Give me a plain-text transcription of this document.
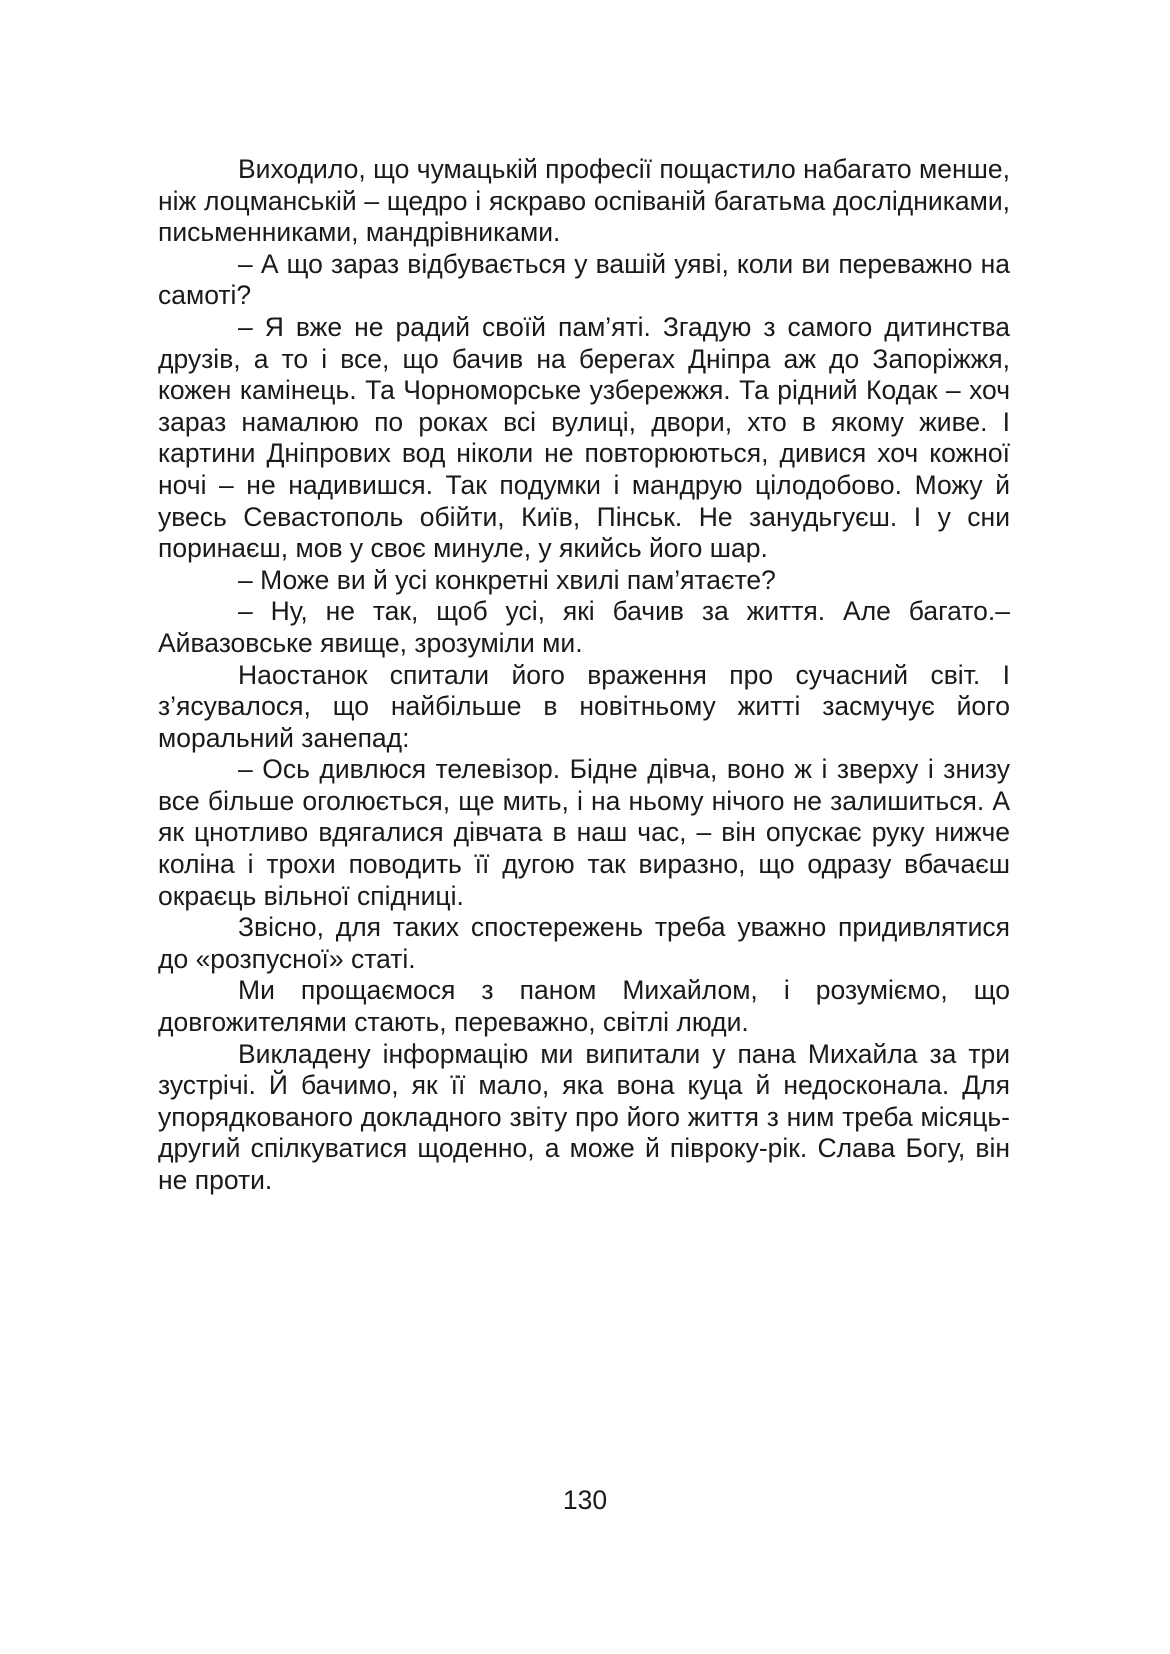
Виходило, що чумацькій професії пощастило набагато менше, ніж лоцманській – щедро і яскраво оспіваній багатьма дослідниками, письменниками, мандрівниками.

– А що зараз відбувається у вашій уяві, коли ви переважно на самоті?

– Я вже не радий своїй пам’яті. Згадую з самого дитинства друзів, а то і все, що бачив на берегах Дніпра аж до Запоріжжя, кожен камінець. Та Чорноморське узбережжя. Та рідний Кодак – хоч зараз намалюю по роках всі вулиці, двори, хто в якому живе. І картини Дніпрових вод ніколи не повторюються, дивися хоч кожної ночі – не надивишся. Так подумки і мандрую цілодобово. Можу й увесь Севастополь обійти, Київ, Пінськ. Не занудьгуєш. І у сни поринаєш, мов у своє минуле, у якийсь його шар.

– Може ви й усі конкретні хвилі пам’ятаєте?

– Ну, не так, щоб усі, які бачив за життя. Але багато.– Айвазовське явище, зрозуміли ми.

Наостанок спитали його враження про сучасний світ. І з’ясувалося, що найбільше в новітньому житті засмучує його моральний занепад:

– Ось дивлюся телевізор. Бідне дівча, воно ж і зверху і знизу все більше оголюється, ще мить, і на ньому нічого не залишиться. А як цнотливо вдягалися дівчата в наш час, – він опускає руку нижче коліна і трохи поводить її дугою так виразно, що одразу вбачаєш окраєць вільної спідниці.

Звісно, для таких спостережень треба уважно придивлятися до «розпусної» статі.

Ми прощаємося з паном Михайлом, і розуміємо, що довгожителями стають, переважно, світлі люди.

Викладену інформацію ми випитали у пана Михайла за три зустрічі. Й бачимо, як її мало, яка вона куца й недосконала. Для упорядкованого докладного звіту про його життя з ним треба місяць-другий спілкуватися щоденно, а може й півроку-рік. Слава Богу, він не проти.

130
